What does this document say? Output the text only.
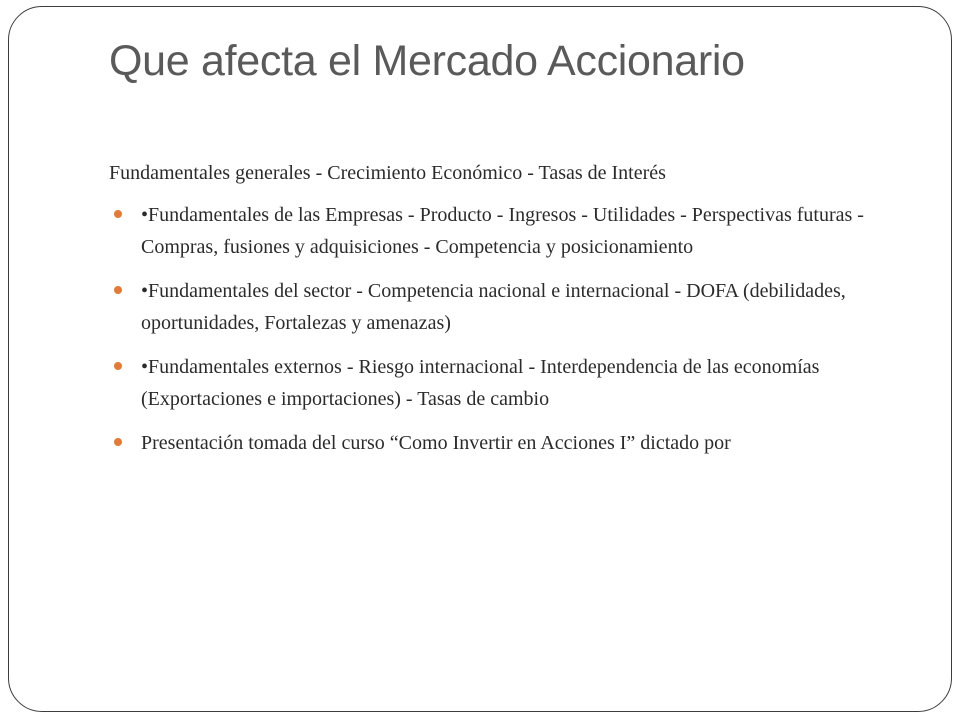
Que afecta el Mercado Accionario

Fundamentales generales - Crecimiento Económico - Tasas de Interés

•Fundamentales de las Empresas - Producto - Ingresos - Utilidades - Perspectivas futuras - Compras, fusiones y adquisiciones - Competencia y posicionamiento
•Fundamentales del sector - Competencia nacional e internacional - DOFA (debilidades, oportunidades, Fortalezas y amenazas)
•Fundamentales externos - Riesgo internacional - Interdependencia de las economías (Exportaciones e importaciones) - Tasas de cambio
Presentación tomada del curso “Como Invertir en Acciones I” dictado por
